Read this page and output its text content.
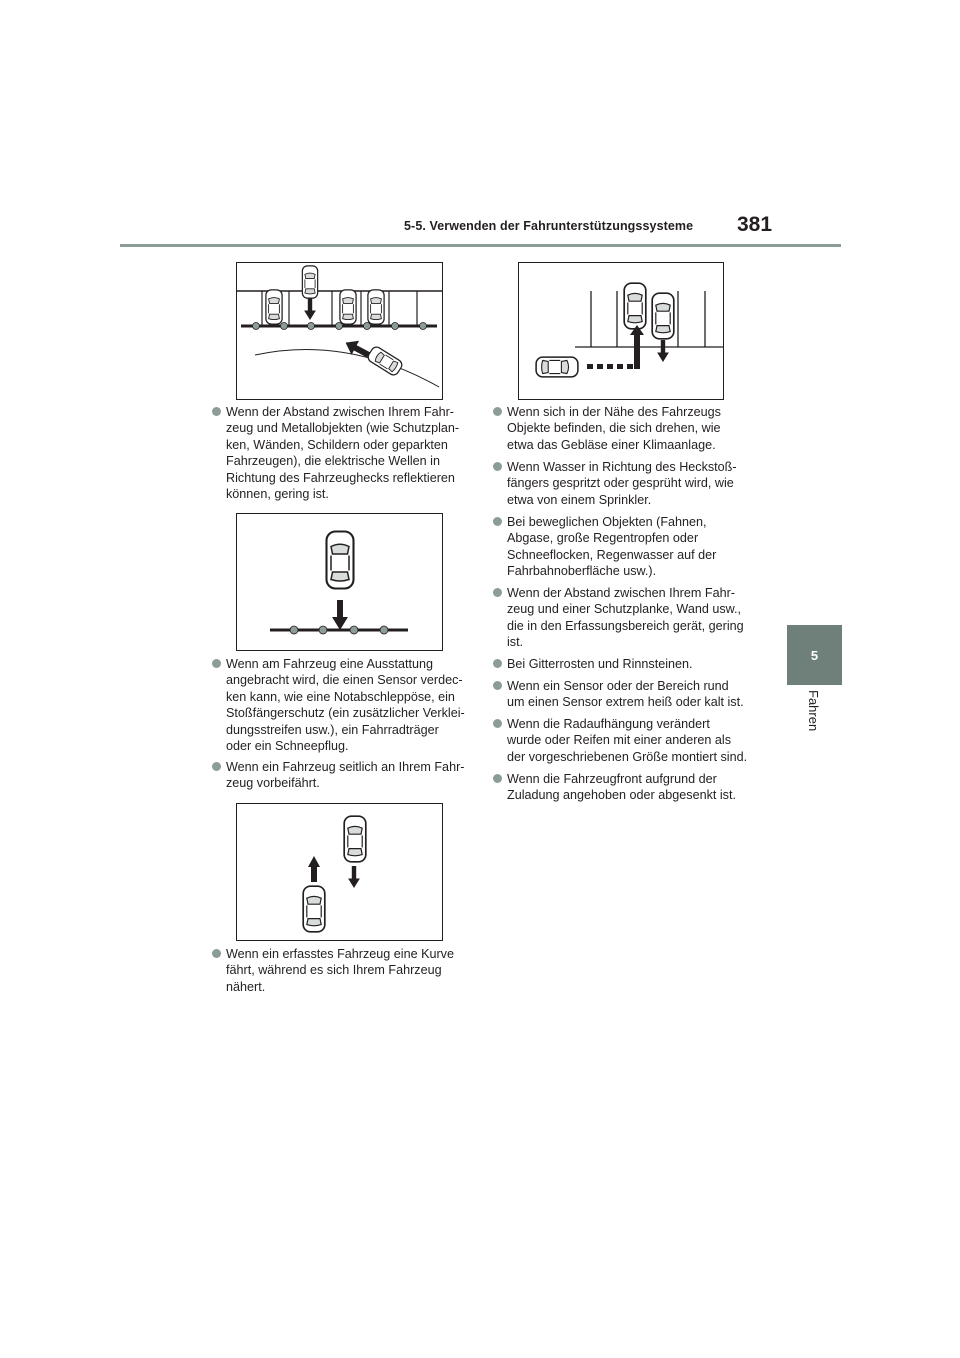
5-5. Verwenden der Fahrunterstützungssysteme 381
5
Fahren
Wenn der Abstand zwischen Ihrem Fahr-
zeug und Metallobjekten (wie Schutzplan-
ken, Wänden, Schildern oder geparkten
Fahrzeugen), die elektrische Wellen in
Richtung des Fahrzeughecks reflektieren
können, gering ist.
Wenn am Fahrzeug eine Ausstattung
angebracht wird, die einen Sensor verdec-
ken kann, wie eine Notabschleppöse, ein
Stoßfängerschutz (ein zusätzlicher Verklei-
dungsstreifen usw.), ein Fahrradträger
oder ein Schneepflug.
Wenn ein Fahrzeug seitlich an Ihrem Fahr-
zeug vorbeifährt.
Wenn ein erfasstes Fahrzeug eine Kurve
fährt, während es sich Ihrem Fahrzeug
nähert.
Wenn sich in der Nähe des Fahrzeugs
Objekte befinden, die sich drehen, wie
etwa das Gebläse einer Klimaanlage.
Wenn Wasser in Richtung des Heckstoß-
fängers gespritzt oder gesprüht wird, wie
etwa von einem Sprinkler.
Bei beweglichen Objekten (Fahnen,
Abgase, große Regentropfen oder
Schneeflocken, Regenwasser auf der
Fahrbahnoberfläche usw.).
Wenn der Abstand zwischen Ihrem Fahr-
zeug und einer Schutzplanke, Wand usw.,
die in den Erfassungsbereich gerät, gering
ist.
Bei Gitterrosten und Rinnsteinen.
Wenn ein Sensor oder der Bereich rund
um einen Sensor extrem heiß oder kalt ist.
Wenn die Radaufhängung verändert
wurde oder Reifen mit einer anderen als
der vorgeschriebenen Größe montiert sind.
Wenn die Fahrzeugfront aufgrund der
Zuladung angehoben oder abgesenkt ist.
